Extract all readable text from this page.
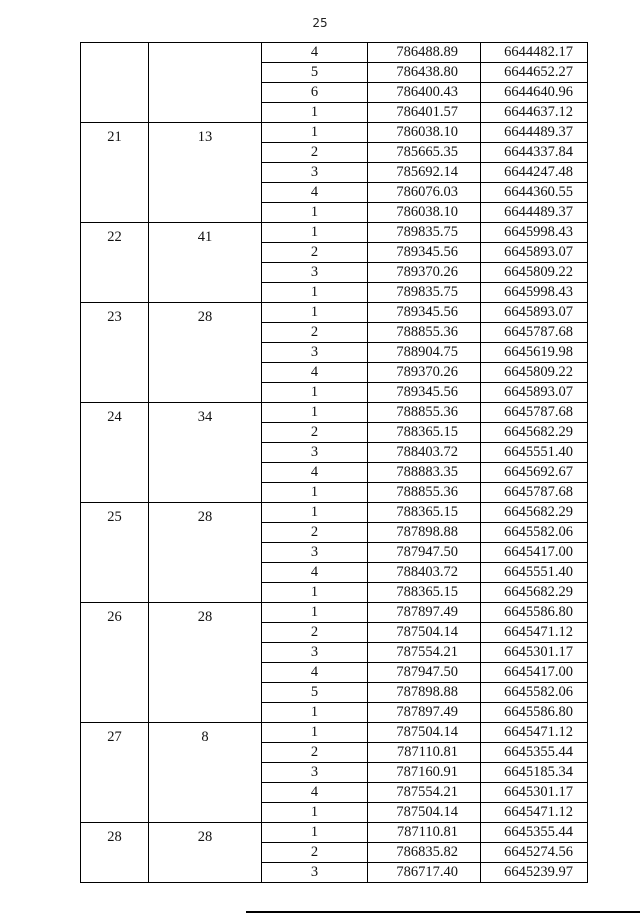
25
		4	786488.89	6644482.17
		5	786438.80	6644652.27
		6	786400.43	6644640.96
		1	786401.57	6644637.12
21	13	1	786038.10	6644489.37
		2	785665.35	6644337.84
		3	785692.14	6644247.48
		4	786076.03	6644360.55
		1	786038.10	6644489.37
22	41	1	789835.75	6645998.43
		2	789345.56	6645893.07
		3	789370.26	6645809.22
		1	789835.75	6645998.43
23	28	1	789345.56	6645893.07
		2	788855.36	6645787.68
		3	788904.75	6645619.98
		4	789370.26	6645809.22
		1	789345.56	6645893.07
24	34	1	788855.36	6645787.68
		2	788365.15	6645682.29
		3	788403.72	6645551.40
		4	788883.35	6645692.67
		1	788855.36	6645787.68
25	28	1	788365.15	6645682.29
		2	787898.88	6645582.06
		3	787947.50	6645417.00
		4	788403.72	6645551.40
		1	788365.15	6645682.29
26	28	1	787897.49	6645586.80
		2	787504.14	6645471.12
		3	787554.21	6645301.17
		4	787947.50	6645417.00
		5	787898.88	6645582.06
		1	787897.49	6645586.80
27	8	1	787504.14	6645471.12
		2	787110.81	6645355.44
		3	787160.91	6645185.34
		4	787554.21	6645301.17
		1	787504.14	6645471.12
28	28	1	787110.81	6645355.44
		2	786835.82	6645274.56
		3	786717.40	6645239.97
